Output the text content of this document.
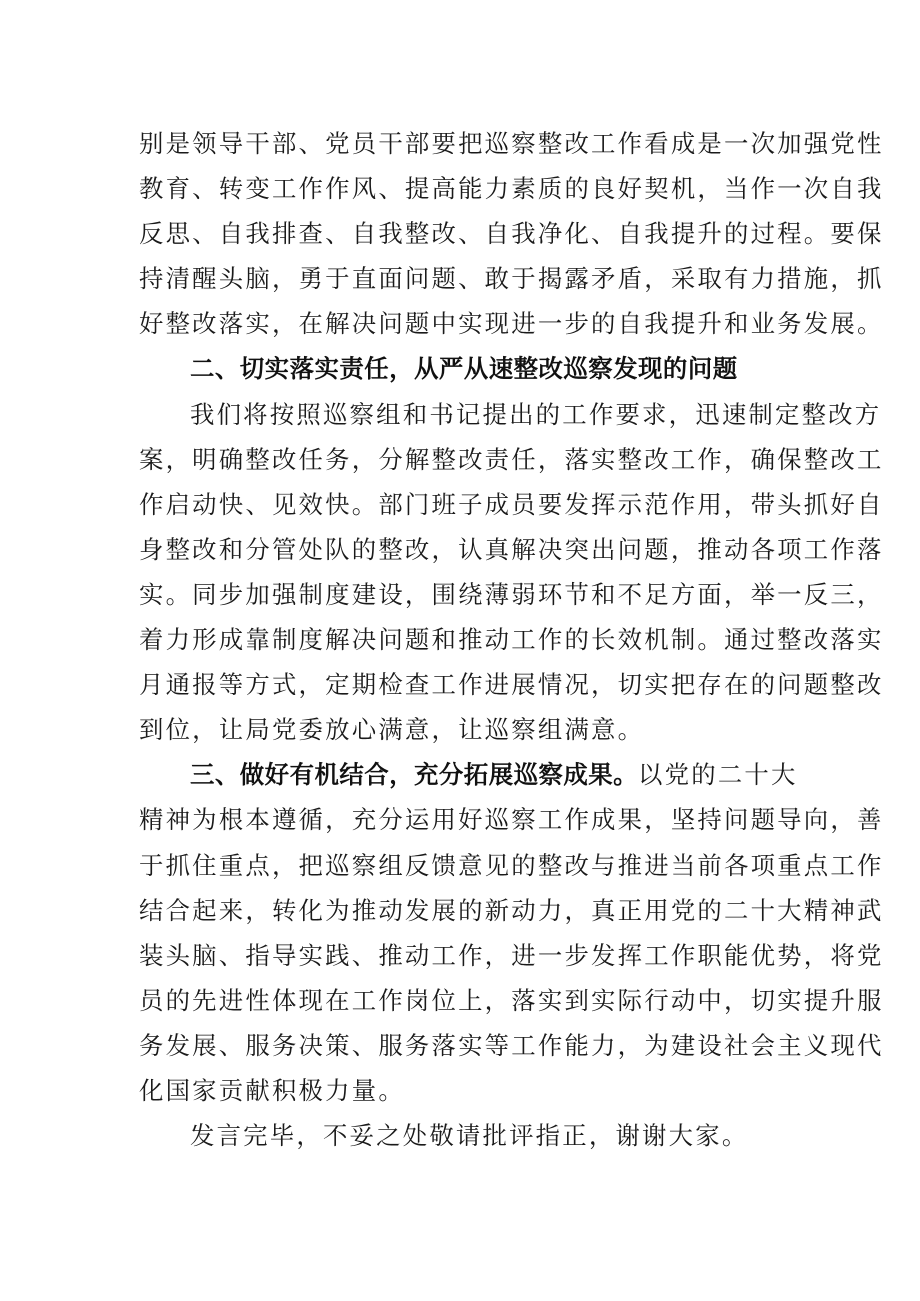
别是领导干部、党员干部要把巡察整改工作看成是一次加强党性
教育、转变工作作风、提高能力素质的良好契机，当作一次自我
反思、自我排查、自我整改、自我净化、自我提升的过程。要保
持清醒头脑，勇于直面问题、敢于揭露矛盾，采取有力措施，抓
好整改落实，在解决问题中实现进一步的自我提升和业务发展。

二、切实落实责任，从严从速整改巡察发现的问题

我们将按照巡察组和书记提出的工作要求，迅速制定整改方
案，明确整改任务，分解整改责任，落实整改工作，确保整改工
作启动快、见效快。部门班子成员要发挥示范作用，带头抓好自
身整改和分管处队的整改，认真解决突出问题，推动各项工作落
实。同步加强制度建设，围绕薄弱环节和不足方面，举一反三，
着力形成靠制度解决问题和推动工作的长效机制。通过整改落实
月通报等方式，定期检查工作进展情况，切实把存在的问题整改
到位，让局党委放心满意，让巡察组满意。

三、做好有机结合，充分拓展巡察成果。以党的二十大
精神为根本遵循，充分运用好巡察工作成果，坚持问题导向，善
于抓住重点，把巡察组反馈意见的整改与推进当前各项重点工作
结合起来，转化为推动发展的新动力，真正用党的二十大精神武
装头脑、指导实践、推动工作，进一步发挥工作职能优势，将党
员的先进性体现在工作岗位上，落实到实际行动中，切实提升服
务发展、服务决策、服务落实等工作能力，为建设社会主义现代
化国家贡献积极力量。

发言完毕，不妥之处敬请批评指正，谢谢大家。
